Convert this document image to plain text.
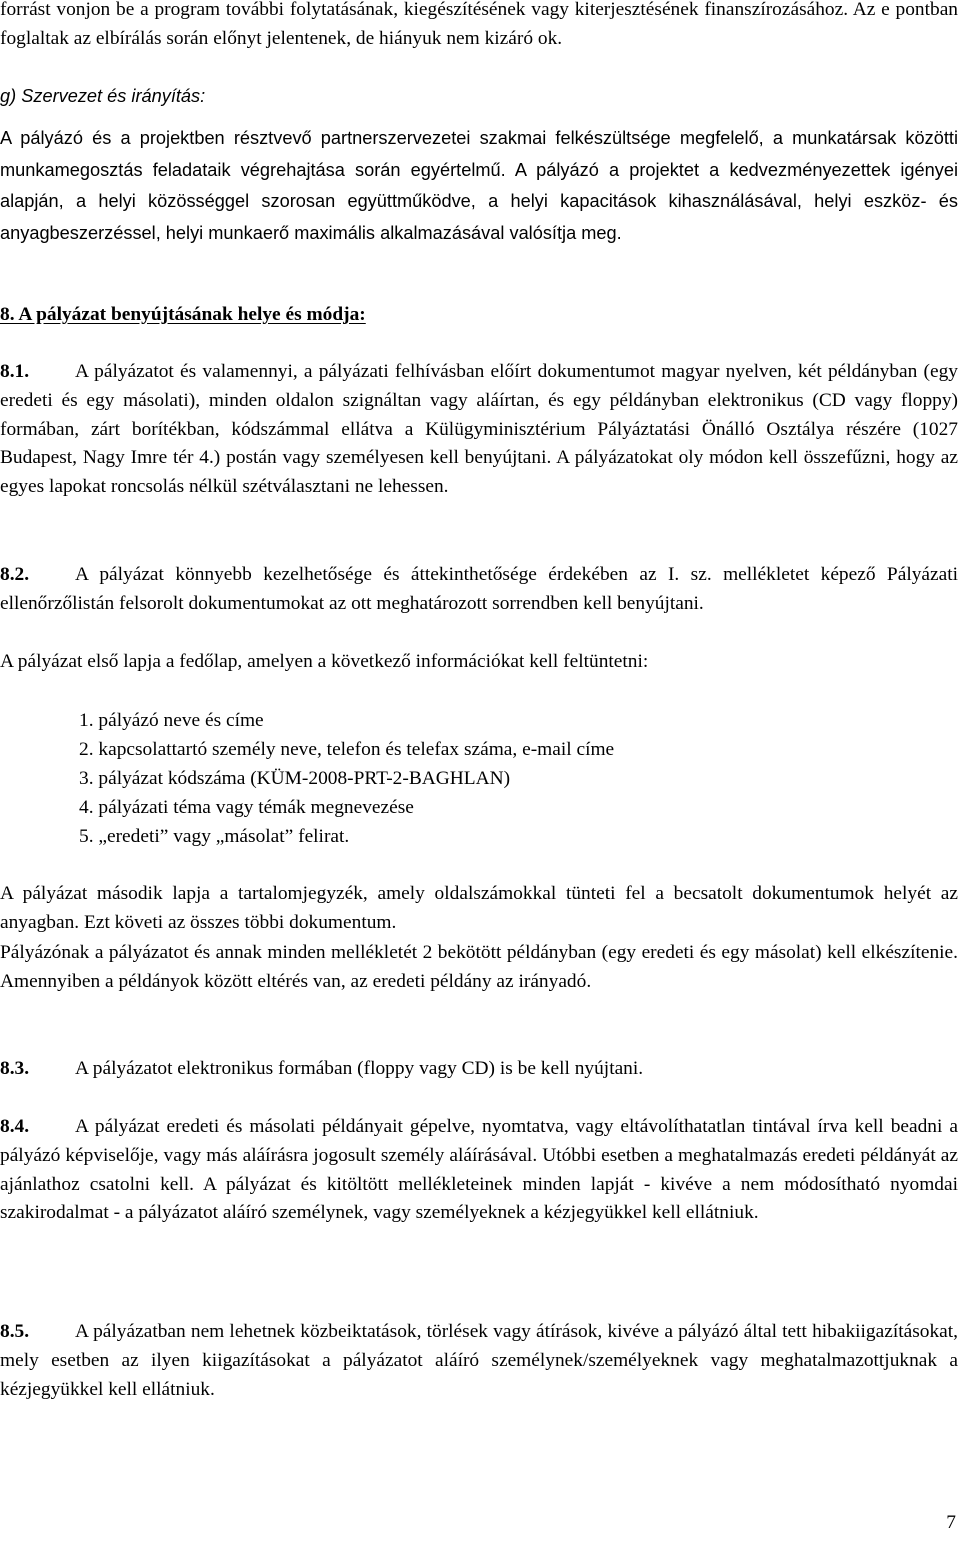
forrást vonjon be a program további folytatásának, kiegészítésének vagy kiterjesztésének finanszírozásához. Az e pontban foglaltak az elbírálás során előnyt jelentenek, de hiányuk nem kizáró ok.

g) Szervezet és irányítás:

A pályázó és a projektben résztvevő partnerszervezetei szakmai felkészültsége megfelelő, a munkatársak közötti munkamegosztás feladataik végrehajtása során egyértelmű. A pályázó a projektet a kedvezményezettek igényei alapján, a helyi közösséggel szorosan együttműködve, a helyi kapacitások kihasználásával, helyi eszköz- és anyagbeszerzéssel, helyi munkaerő maximális alkalmazásával valósítja meg.

8. A pályázat benyújtásának helye és módja:

8.1. A pályázatot és valamennyi, a pályázati felhívásban előírt dokumentumot magyar nyelven, két példányban (egy eredeti és egy másolati), minden oldalon szignáltan vagy aláírtan, és egy példányban elektronikus (CD vagy floppy) formában, zárt borítékban, kódszámmal ellátva a Külügyminisztérium Pályáztatási Önálló Osztálya részére (1027 Budapest, Nagy Imre tér 4.) postán vagy személyesen kell benyújtani. A pályázatokat oly módon kell összefűzni, hogy az egyes lapokat roncsolás nélkül szétválasztani ne lehessen.

8.2. A pályázat könnyebb kezelhetősége és áttekinthetősége érdekében az I. sz. mellékletet képező Pályázati ellenőrzőlistán felsorolt dokumentumokat az ott meghatározott sorrendben kell benyújtani.

A pályázat első lapja a fedőlap, amelyen a következő információkat kell feltüntetni:

1. pályázó neve és címe
2. kapcsolattartó személy neve, telefon és telefax száma, e-mail címe
3. pályázat kódszáma (KÜM-2008-PRT-2-BAGHLAN)
4. pályázati téma vagy témák megnevezése
5. „eredeti” vagy „másolat” felirat.

A pályázat második lapja a tartalomjegyzék, amely oldalszámokkal tünteti fel a becsatolt dokumentumok helyét az anyagban. Ezt követi az összes többi dokumentum.

Pályázónak a pályázatot és annak minden mellékletét 2 bekötött példányban (egy eredeti és egy másolat) kell elkészítenie. Amennyiben a példányok között eltérés van, az eredeti példány az irányadó.

8.3. A pályázatot elektronikus formában (floppy vagy CD) is be kell nyújtani.

8.4. A pályázat eredeti és másolati példányait gépelve, nyomtatva, vagy eltávolíthatatlan tintával írva kell beadni a pályázó képviselője, vagy más aláírásra jogosult személy aláírásával. Utóbbi esetben a meghatalmazás eredeti példányát az ajánlathoz csatolni kell. A pályázat és kitöltött mellékleteinek minden lapját - kivéve a nem módosítható nyomdai szakirodalmat - a pályázatot aláíró személynek, vagy személyeknek a kézjegyükkel kell ellátniuk.

8.5. A pályázatban nem lehetnek közbeiktatások, törlések vagy átírások, kivéve a pályázó által tett hibakiigazításokat, mely esetben az ilyen kiigazításokat a pályázatot aláíró személynek/személyeknek vagy meghatalmazottjuknak a kézjegyükkel kell ellátniuk.

7
